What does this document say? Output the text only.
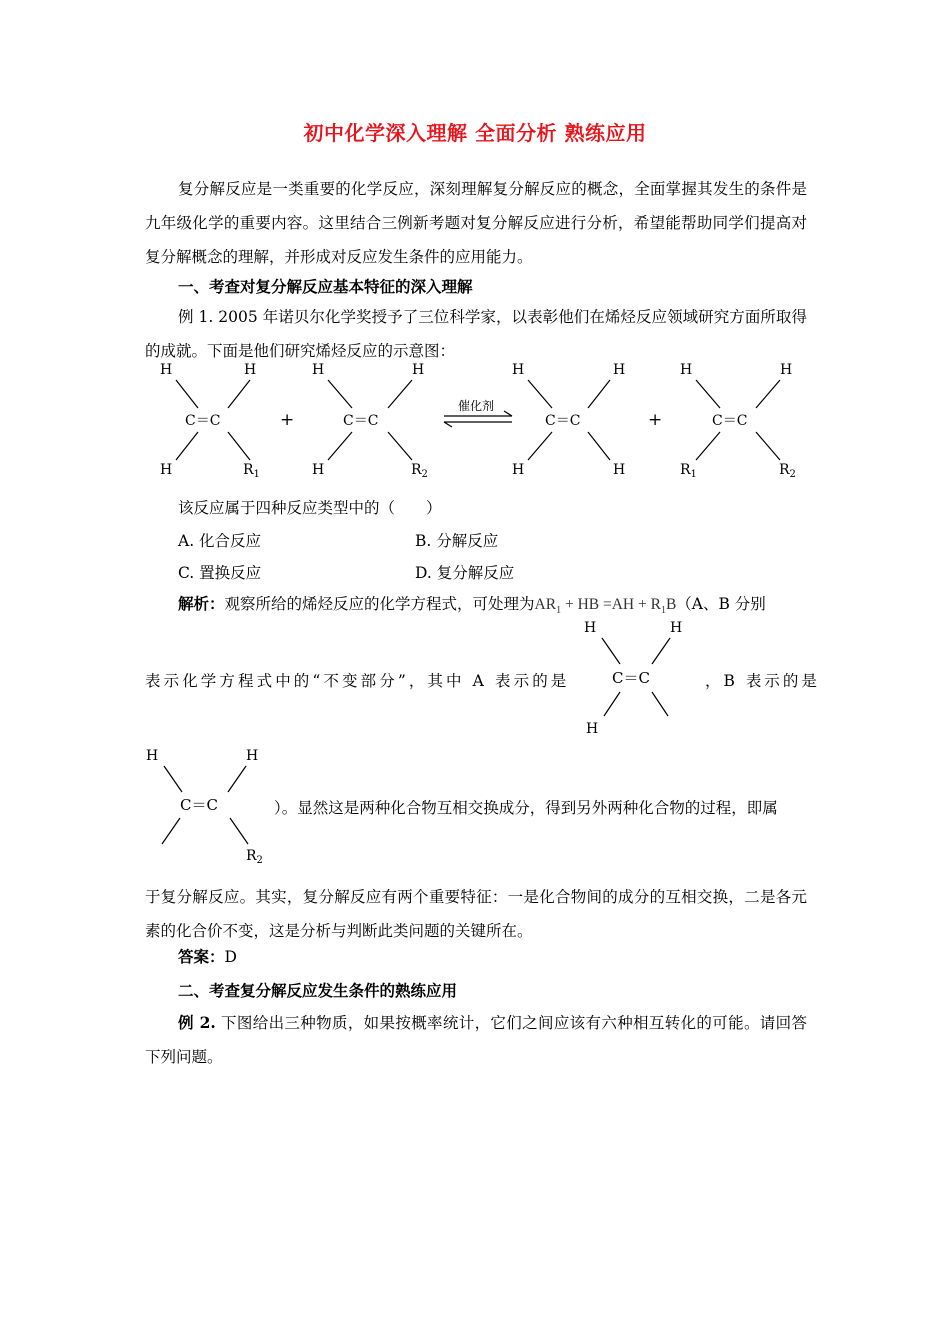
初中化学深入理解 全面分析 熟练应用
复分解反应是一类重要的化学反应，深刻理解复分解反应的概念，全面掌握其发生的条件是九年级化学的重要内容。这里结合三例新考题对复分解反应进行分析，希望能帮助同学们提高对复分解概念的理解，并形成对反应发生条件的应用能力。
一、考查对复分解反应基本特征的深入理解
例 1. 2005 年诺贝尔化学奖授予了三位科学家，以表彰他们在烯烃反应领域研究方面所取得的成就。下面是他们研究烯烃反应的示意图：
H	H
C＝C
H	$R_1$
+
H	H
C＝C
H	$R_2$
催化剂
H	H
C＝C
H	H
+
H	H
C＝C
$R_1$	$R_2$
该反应属于四种反应类型中的（　　）
A. 化合反应	B. 分解反应
C. 置换反应	D. 复分解反应
解析：观察所给的烯烃反应的化学方程式，可处理为$AR_1$ + HB $=AH + R_1B(A$、B 分别
H	H
C＝C
H
表示化学方程式中的“不变部分”，其中 A 表示的是	，B 表示的是
H	H
C＝C
$R_2$
）。显然这是两种化合物互相交换成分，得到另外两种化合物的过程，即属
于复分解反应。其实，复分解反应有两个重要特征：一是化合物间的成分的互相交换，二是各元素的化合价不变，这是分析与判断此类问题的关键所在。
答案：D
二、考查复分解反应发生条件的熟练应用
例 2. 下图给出三种物质，如果按概率统计，它们之间应该有六种相互转化的可能。请回答下列问题。
